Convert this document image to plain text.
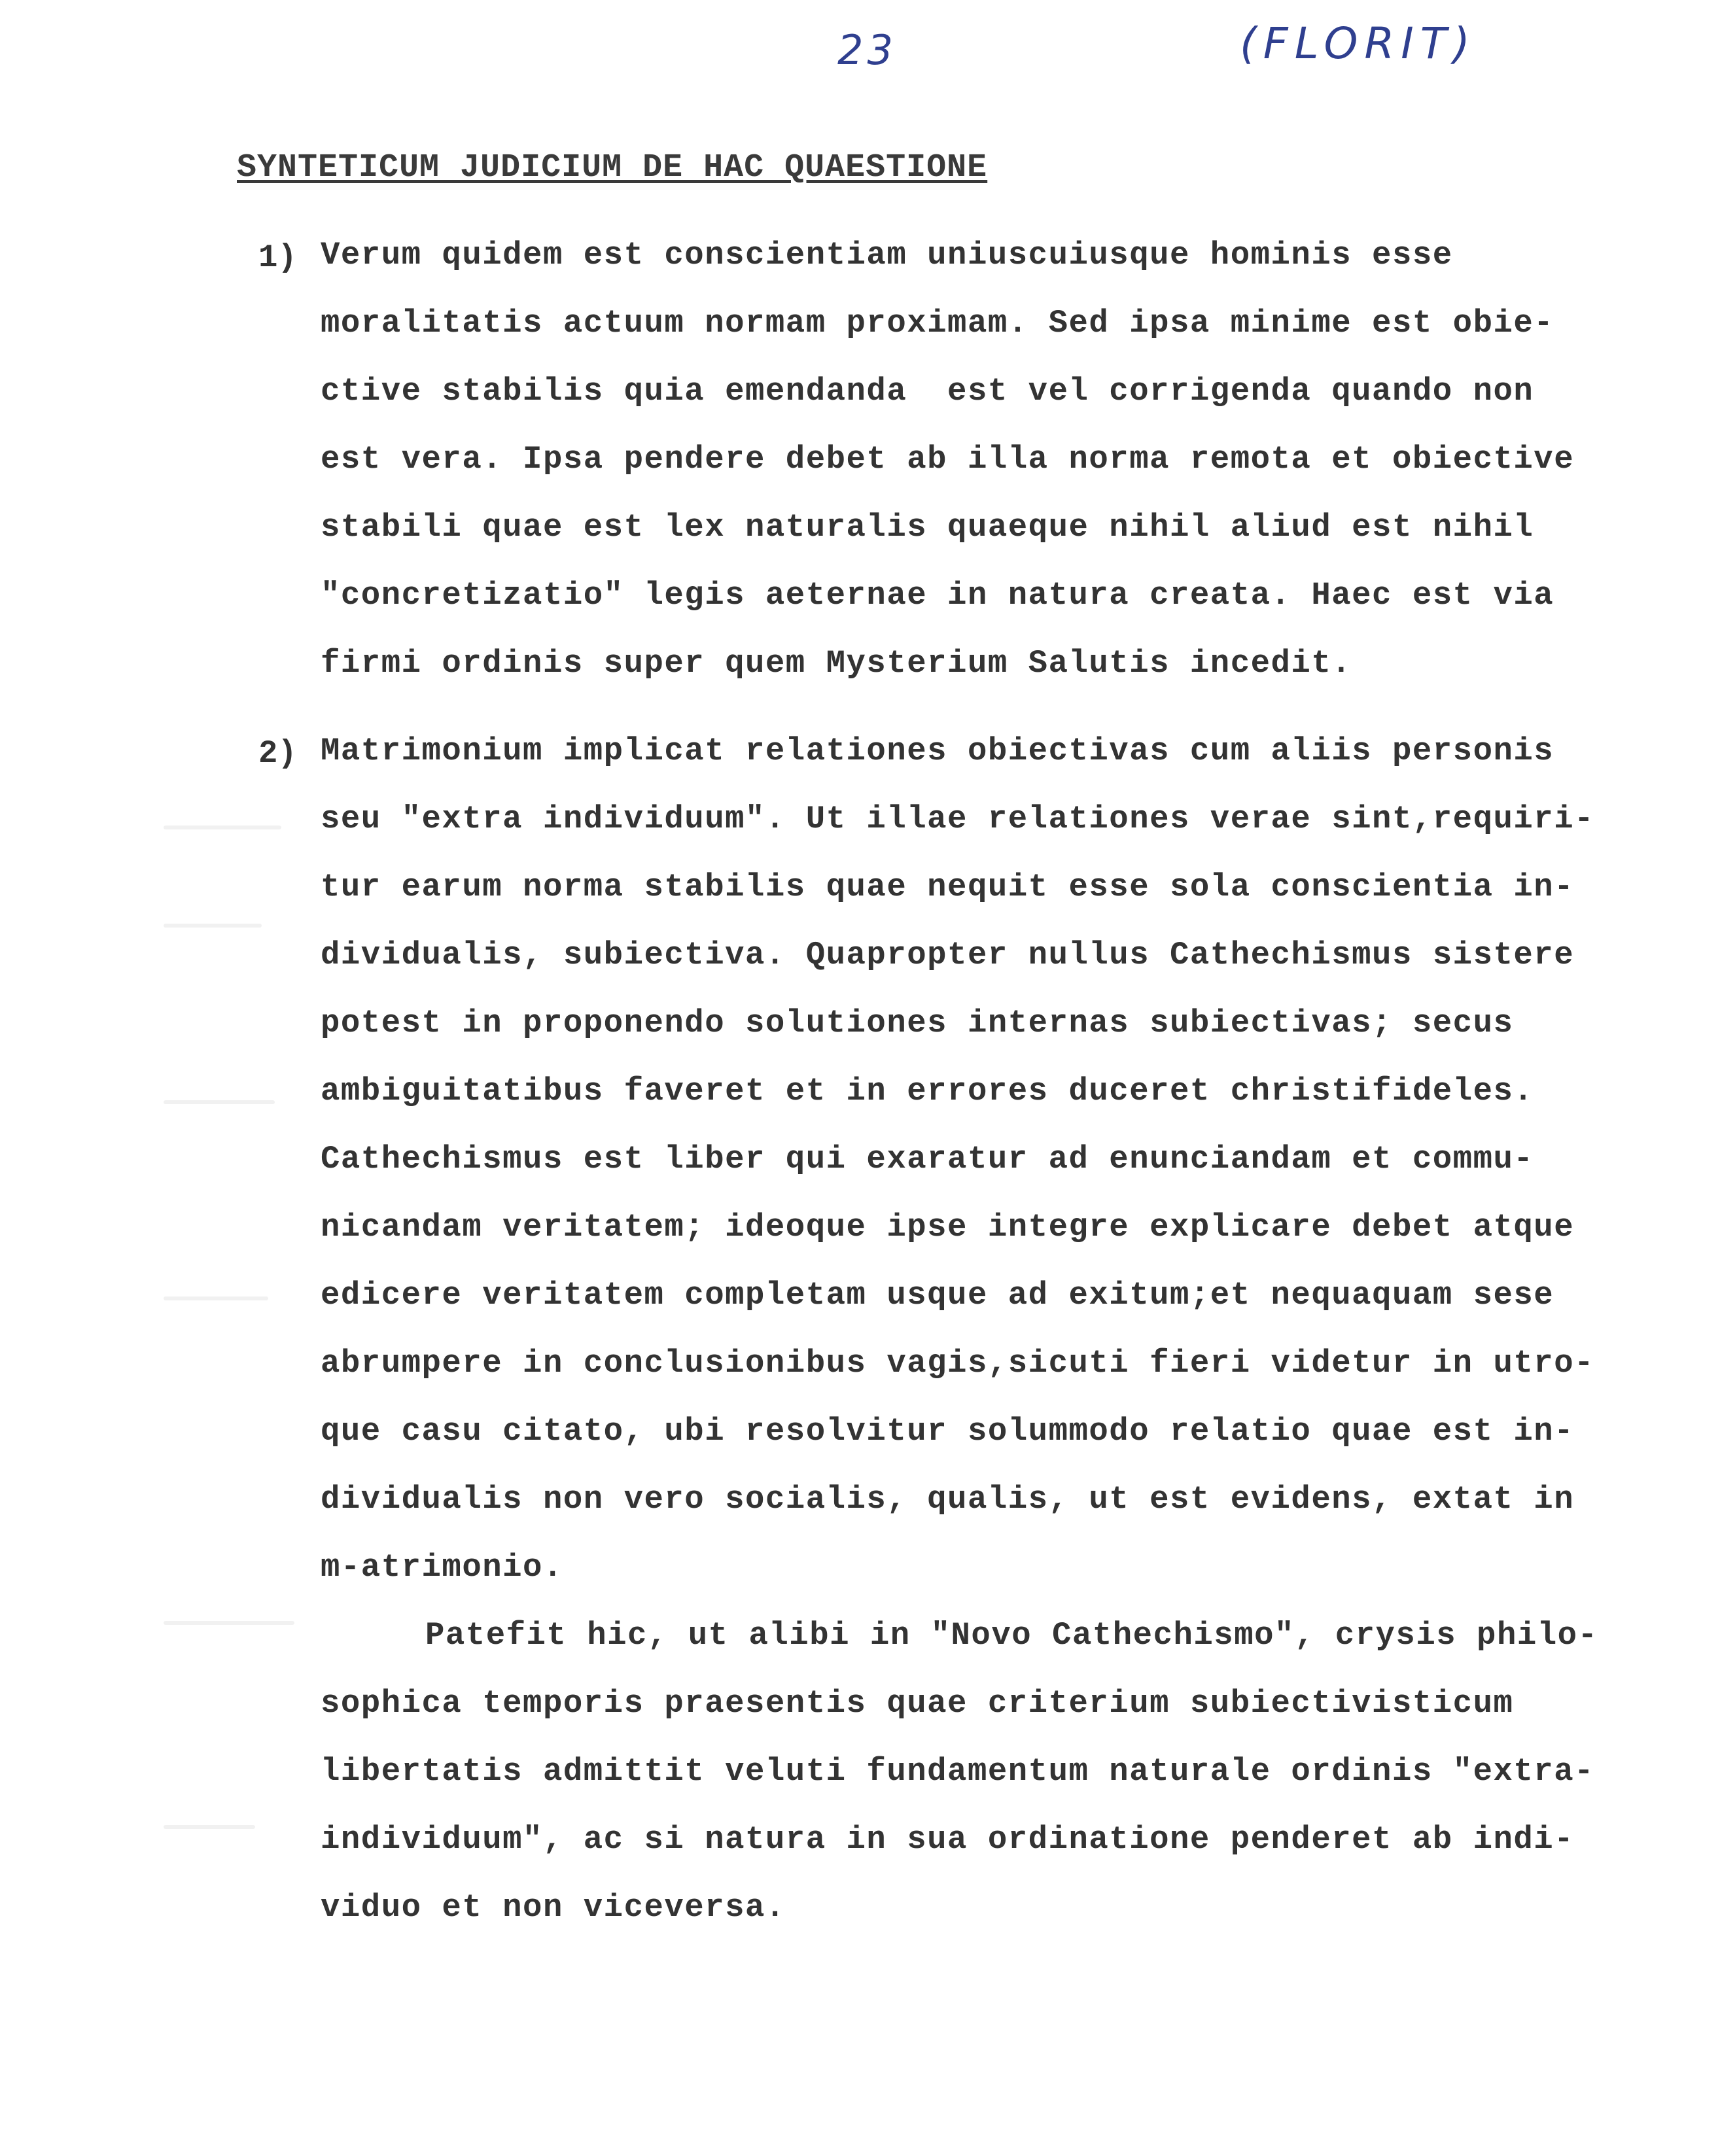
23	(FLORIT)
SYNTETICUM JUDICIUM DE HAC QUAESTIONE
1) Verum quidem est conscientiam uniuscuiusque hominis esse
moralitatis actuum normam proximam. Sed ipsa minime est obie-
ctive stabilis quia emendanda  est vel corrigenda quando non
est vera. Ipsa pendere debet ab illa norma remota et obiective
stabili quae est lex naturalis quaeque nihil aliud est nihil
"concretizatio" legis aeternae in natura creata. Haec est via
firmi ordinis super quem Mysterium Salutis incedit.
2) Matrimonium implicat relationes obiectivas cum aliis personis
seu "extra individuum". Ut illae relationes verae sint,requiri-
tur earum norma stabilis quae nequit esse sola conscientia in-
dividualis, subiectiva. Quapropter nullus Cathechismus sistere
potest in proponendo solutiones internas subiectivas; secus
ambiguitatibus faveret et in errores duceret christifideles.
Cathechismus est liber qui exaratur ad enunciandam et commu-
nicandam veritatem; ideoque ipse integre explicare debet atque
edicere veritatem completam usque ad exitum;et nequaquam sese
abrumpere in conclusionibus vagis,sicuti fieri videtur in utro-
que casu citato, ubi resolvitur solummodo relatio quae est in-
dividualis non vero socialis, qualis, ut est evidens, extat in
m-atrimonio.
Patefit hic, ut alibi in "Novo Cathechismo", crysis philo-
sophica temporis praesentis quae criterium subiectivisticum
libertatis admittit veluti fundamentum naturale ordinis "extra-
individuum", ac si natura in sua ordinatione penderet ab indi-
viduo et non viceversa.
